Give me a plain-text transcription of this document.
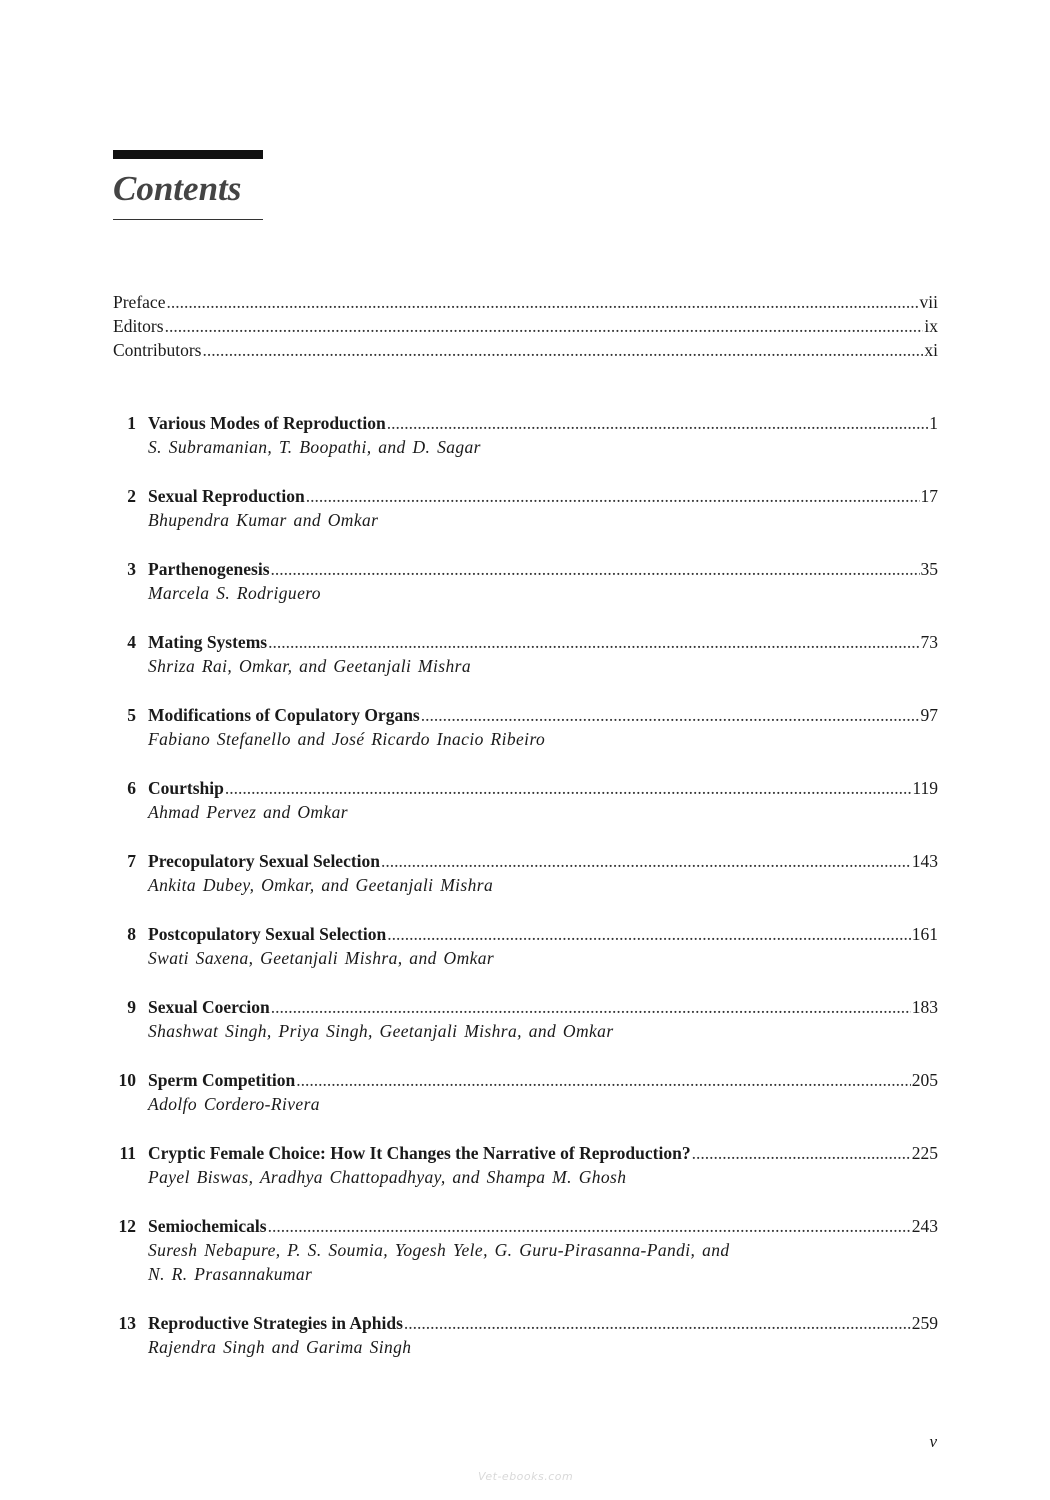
Contents
Preface .....	vii
Editors .....	ix
Contributors .....	xi
1 Various Modes of Reproduction .....	1
S. Subramanian, T. Boopathi, and D. Sagar
2 Sexual Reproduction .....	17
Bhupendra Kumar and Omkar
3 Parthenogenesis .....	35
Marcela S. Rodriguero
4 Mating Systems .....	73
Shriza Rai, Omkar, and Geetanjali Mishra
5 Modifications of Copulatory Organs .....	97
Fabiano Stefanello and José Ricardo Inacio Ribeiro
6 Courtship .....	119
Ahmad Pervez and Omkar
7 Precopulatory Sexual Selection .....	143
Ankita Dubey, Omkar, and Geetanjali Mishra
8 Postcopulatory Sexual Selection .....	161
Swati Saxena, Geetanjali Mishra, and Omkar
9 Sexual Coercion .....	183
Shashwat Singh, Priya Singh, Geetanjali Mishra, and Omkar
10 Sperm Competition .....	205
Adolfo Cordero-Rivera
11 Cryptic Female Choice: How It Changes the Narrative of Reproduction? .....	225
Payel Biswas, Aradhya Chattopadhyay, and Shampa M. Ghosh
12 Semiochemicals .....	243
Suresh Nebapure, P. S. Soumia, Yogesh Yele, G. Guru-Pirasanna-Pandi, and
N. R. Prasannakumar
13 Reproductive Strategies in Aphids .....	259
Rajendra Singh and Garima Singh
v
Vet-ebooks.com
